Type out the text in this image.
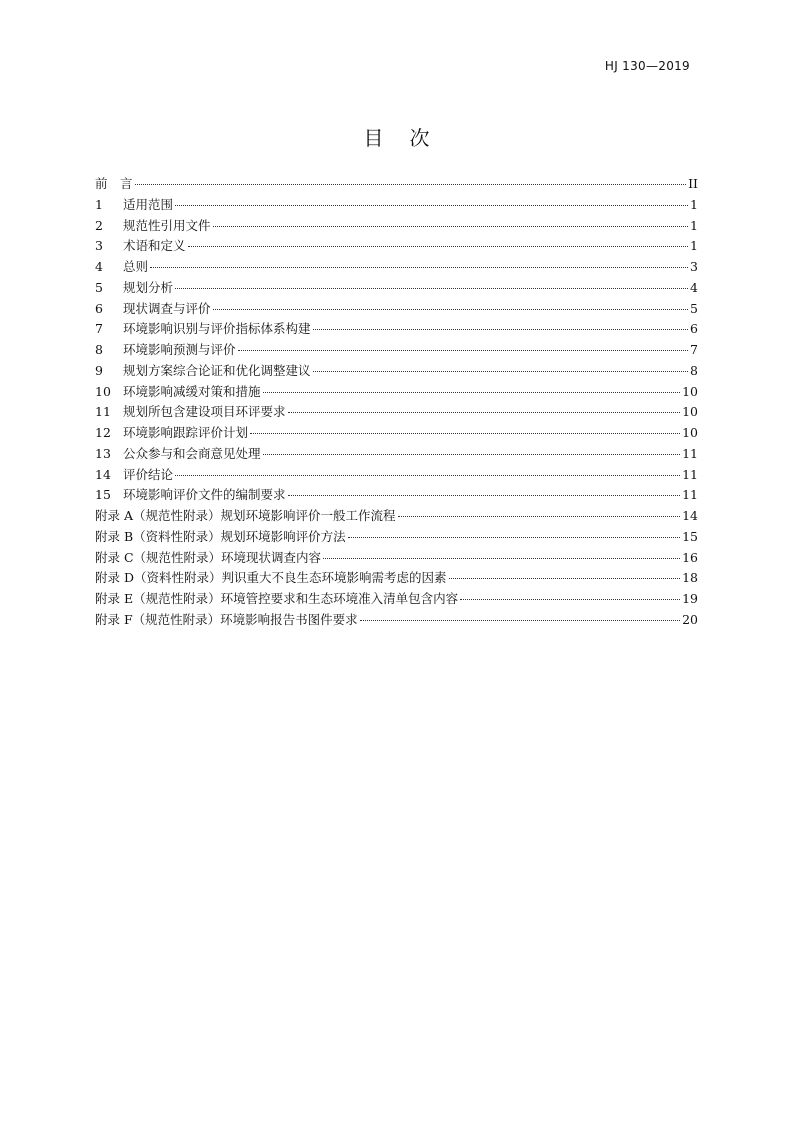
HJ 130—2019
目次
前　言	II
1	适用范围	1
2	规范性引用文件	1
3	术语和定义	1
4	总则	3
5	规划分析	4
6	现状调查与评价	5
7	环境影响识别与评价指标体系构建	6
8	环境影响预测与评价	7
9	规划方案综合论证和优化调整建议	8
10 环境影响减缓对策和措施	10
11 规划所包含建设项目环评要求	10
12 环境影响跟踪评价计划	10
13 公众参与和会商意见处理	11
14 评价结论	11
15 环境影响评价文件的编制要求	11
附录 A（规范性附录）规划环境影响评价一般工作流程	14
附录 B（资料性附录）规划环境影响评价方法	15
附录 C（规范性附录）环境现状调查内容	16
附录 D（资料性附录）判识重大不良生态环境影响需考虑的因素	18
附录 E（规范性附录）环境管控要求和生态环境准入清单包含内容	19
附录 F（规范性附录）环境影响报告书图件要求	20
